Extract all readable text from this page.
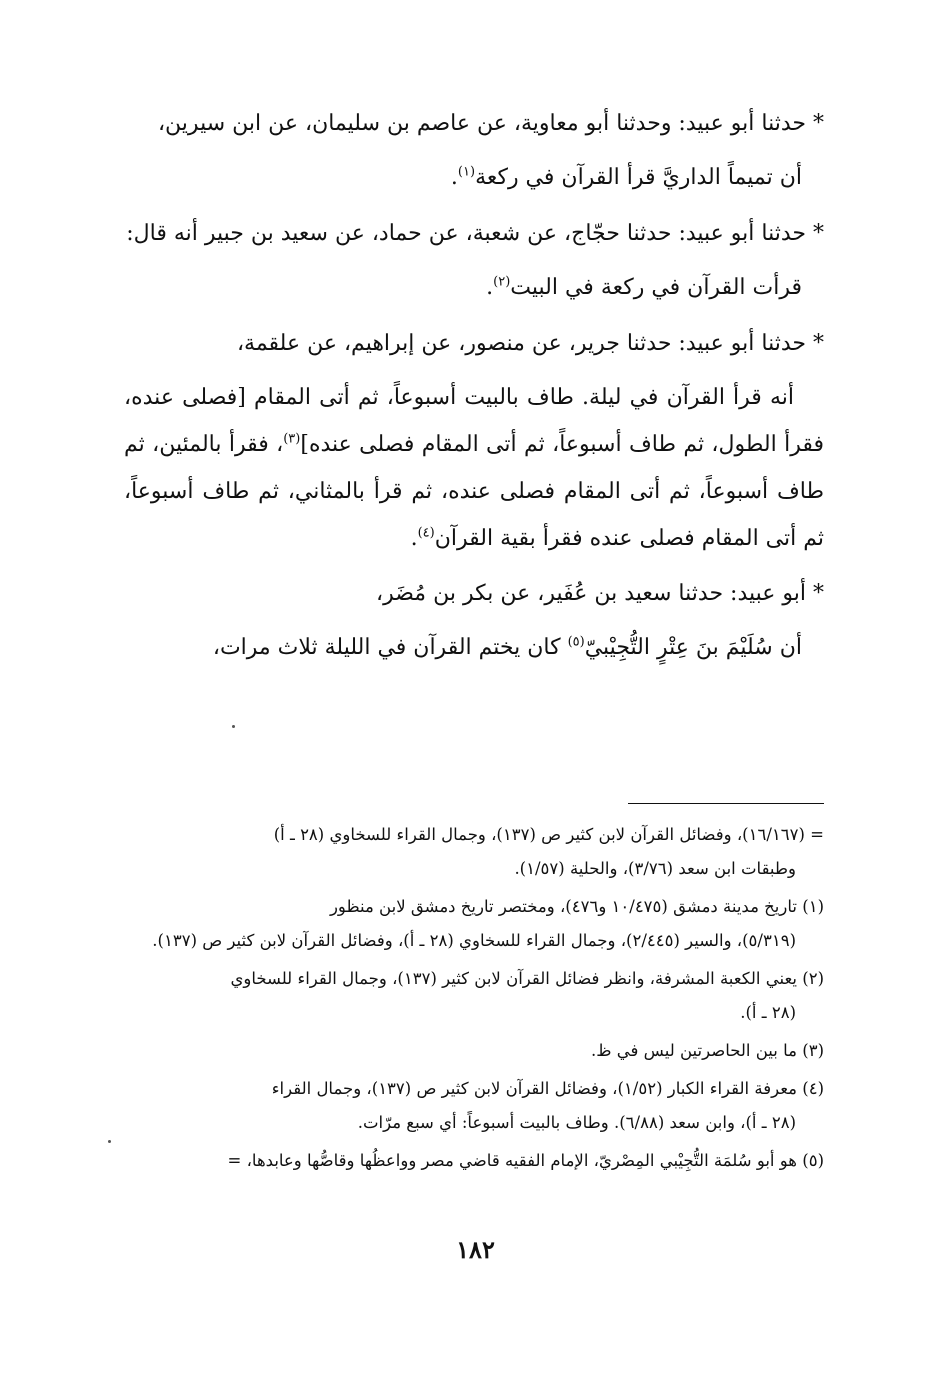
* حدثنا أبو عبيد: وحدثنا أبو معاوية، عن عاصم بن سليمان، عن ابن سيرين،

أن تميماً الداريَّ قرأ القرآن في ركعة$^{(١)}$.

* حدثنا أبو عبيد: حدثنا حجّاج، عن شعبة، عن حماد، عن سعيد بن جبير أنه قال:

قرأت القرآن في ركعة في البيت$^{(٢)}$.

* حدثنا أبو عبيد: حدثنا جرير، عن منصور، عن إبراهيم، عن علقمة،

أنه قرأ القرآن في ليلة. طاف بالبيت أسبوعاً، ثم أتى المقام [فصلى عنده، فقرأ الطول، ثم طاف أسبوعاً، ثم أتى المقام فصلى عنده]$^{(٣)}$، فقرأ بالمئين، ثم طاف أسبوعاً، ثم أتى المقام فصلى عنده، ثم قرأ بالمثاني، ثم طاف أسبوعاً، ثم أتى المقام فصلى عنده فقرأ بقية القرآن$^{(٤)}$.

* أبو عبيد: حدثنا سعيد بن عُفَير، عن بكر بن مُضَر،

أن سُلَيْمَ بنَ عِتْرٍ التُّجِيْبيّ$^{(٥)}$ كان يختم القرآن في الليلة ثلاث مرات،

= (١٦/١٦٧)، وفضائل القرآن لابن كثير ص (١٣٧)، وجمال القراء للسخاوي (٢٨ ـ أ)
وطبقات ابن سعد (٣/٧٦)، والحلية (١/٥٧).

(١) تاريخ مدينة دمشق (١٠/٤٧٥ و٤٧٦)، ومختصر تاريخ دمشق لابن منظور
(٥/٣١٩)، والسير (٢/٤٤٥)، وجمال القراء للسخاوي (٢٨ ـ أ)، وفضائل القرآن لابن كثير ص (١٣٧).

(٢) يعني الكعبة المشرفة، وانظر فضائل القرآن لابن كثير (١٣٧)، وجمال القراء للسخاوي
(٢٨ ـ أ).

(٣) ما بين الحاصرتين ليس في ظ.

(٤) معرفة القراء الكبار (١/٥٢)، وفضائل القرآن لابن كثير ص (١٣٧)، وجمال القراء
(٢٨ ـ أ)، وابن سعد (٦/٨٨). وطاف بالبيت أسبوعاً: أي سبع مرّات.

(٥) هو أبو سُلمَة التُّجِيْبي المِصْريّ، الإمام الفقيه قاضي مصر وواعظُها وقاصُّها وعابدها، =

١٨٢
